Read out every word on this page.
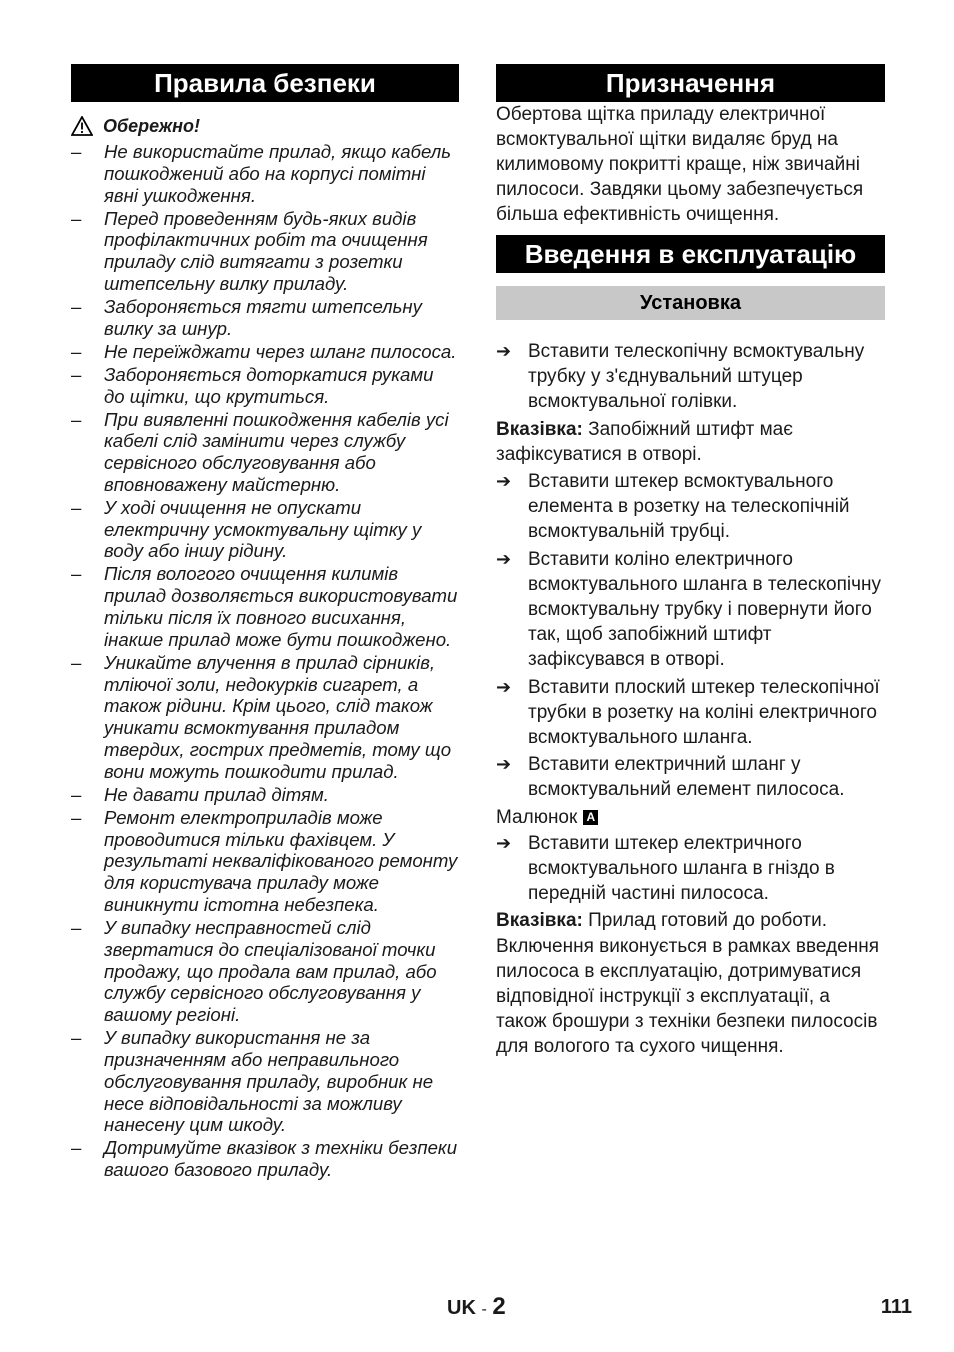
Правила безпеки
Обережно!
– Не використайте прилад, якщо кабель пошкоджений або на корпусі помітні явні ушкодження.
– Перед проведенням будь-яких видів профілактичних робіт та очищення приладу слід витягати з розетки штепсельну вилку приладу.
– Забороняється тягти штепсельну вилку за шнур.
– Не переїжджати через шланг пилососа.
– Забороняється доторкатися руками до щітки, що крутиться.
– При виявленні пошкодження кабелів усі кабелі слід замінити через службу сервісного обслуговування або вповноважену майстерню.
– У ході очищення не опускати електричну усмоктувальну щітку у воду або іншу рідину.
– Після вологого очищення килимів прилад дозволяється використовувати тільки після їх повного висихання, інакше прилад може бути пошкоджено.
– Уникайте влучення в прилад сірників, тліючої золи, недокурків сигарет, а також рідини. Крім цього, слід також уникати всмоктування приладом твердих, гострих предметів, тому що вони можуть пошкодити прилад.
– Не давати прилад дітям.
– Ремонт електроприладів може проводитися тільки фахівцем. У результаті некваліфікованого ремонту для користувача приладу може виникнути істотна небезпека.
– У випадку несправностей слід звертатися до спеціалізованої точки продажу, що продала вам прилад, або службу сервісного обслуговування у вашому регіоні.
– У випадку використання не за призначенням або неправильного обслуговування приладу, виробник не несе відповідальності за можливу нанесену цим шкоду.
– Дотримуйте вказівок з техніки безпеки вашого базового приладу.
Призначення

Обертова щітка приладу електричної всмоктувальної щітки видаляє бруд на килимовому покритті краще, ніж звичайні пилососи. Завдяки цьому забезпечується більша ефективність очищення.

Введення в експлуатацію
Установка
➔ Вставити телескопічну всмоктувальну трубку у з'єднувальний штуцер всмоктувальної голівки.

Вказівка: Запобіжний штифт має зафіксуватися в отворі.

➔ Вставити штекер всмоктувального елемента в розетку на телескопічній всмоктувальній трубці.
➔ Вставити коліно електричного всмоктувального шланга в телескопічну всмоктувальну трубку і повернути його так, щоб запобіжний штифт зафіксувався в отворі.
➔ Вставити плоский штекер телескопічної трубки в розетку на коліні електричного всмоктувального шланга.
➔ Вставити електричний шланг у всмоктувальний елемент пилососа.

Малюнок A

➔ Вставити штекер електричного всмоктувального шланга в гніздо в передній частині пилососа.

Вказівка: Прилад готовий до роботи. Включення виконується в рамках введення пилососа в експлуатацію, дотримуватися відповідної інструкції з експлуатації, а також брошури з техніки безпеки пилососів для вологого та сухого чищення.

UK - 2	111
